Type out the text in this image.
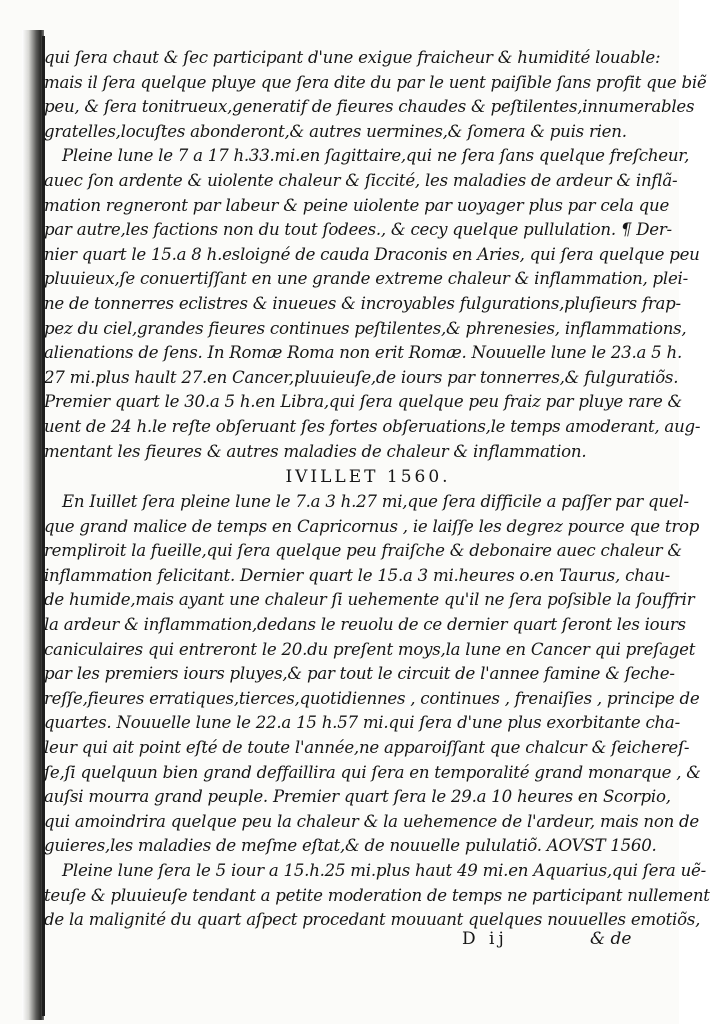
qui ſera chaut & ſec participant d'une exigue fraicheur & humidité louable:
mais il ſera quelque pluye que ſera dite du par le uent paiſible ſans profit que biẽ
peu, & ſera tonitrueux,generatif de fieures chaudes & peſtilentes,innumerables
gratelles,locuſtes abonderont,& autres uermines,& ſomera & puis rien.
Pleine lune le 7 a 17 h.33.mi.en ſagittaire,qui ne ſera ſans quelque freſcheur,
auec ſon ardente & uiolente chaleur & ſiccité, les maladies de ardeur & inflã-
mation regneront par labeur & peine uiolente par uoyager plus par cela que
par autre,les factions non du tout ſodees., & cecy quelque pullulation. ¶ Der-
nier quart le 15.a 8 h.esloigné de cauda Draconis en Aries, qui ſera quelque peu
pluuieux,ſe conuertiſſant en une grande extreme chaleur & inflammation, plei-
ne de tonnerres eclistres & inueues & incroyables fulgurations,pluſieurs frap-
pez du ciel,grandes fieures continues peſtilentes,& phrenesies, inflammations,
alienations de ſens. In Romæ Roma non erit Romæ. Nouuelle lune le 23.a 5 h.
27 mi.plus hault 27.en Cancer,pluuieuſe,de iours par tonnerres,& fulguratiõs.
Premier quart le 30.a 5 h.en Libra,qui ſera quelque peu fraiz par pluye rare &
uent de 24 h.le reſte obſeruant ſes fortes obſeruations,le temps amoderant, aug-
mentant les fieures & autres maladies de chaleur & inflammation.
IVILLET 1560.
En Iuillet ſera pleine lune le 7.a 3 h.27 mi,que ſera difficile a paſſer par quel-
que grand malice de temps en Capricornus , ie laiſſe les degrez pource que trop
rempliroit la fueille,qui ſera quelque peu fraiſche & debonaire auec chaleur &
inflammation felicitant. Dernier quart le 15.a 3 mi.heures o.en Taurus, chau-
de humide,mais ayant une chaleur ſi uehemente qu'il ne ſera poſsible la ſouffrir
la ardeur & inflammation,dedans le reuolu de ce dernier quart ſeront les iours
caniculaires qui entreront le 20.du preſent moys,la lune en Cancer qui preſaget
par les premiers iours pluyes,& par tout le circuit de l'annee famine & ſeche-
reſſe,fieures erratiques,tierces,quotidiennes , continues , frenaiſies , principe de
quartes. Nouuelle lune le 22.a 15 h.57 mi.qui ſera d'une plus exorbitante cha-
leur qui ait point eſté de toute l'année,ne apparoiſſant que chalcur & ſeichereſ-
ſe,ſi quelquun bien grand deffaillira qui ſera en temporalité grand monarque , &
auſsi mourra grand peuple. Premier quart ſera le 29.a 10 heures en Scorpio,
qui amoindrira quelque peu la chaleur & la uehemence de l'ardeur, mais non de
guieres,les maladies de meſme eſtat,& de nouuelle pululatiõ. AOVST 1560.
Pleine lune ſera le 5 iour a 15.h.25 mi.plus haut 49 mi.en Aquarius,qui ſera uẽ-
teuſe & pluuieuſe tendant a petite moderation de temps ne participant nullement
de la malignité du quart aſpect procedant mouuant quelques nouuelles emotiõs,
D ij	& de
